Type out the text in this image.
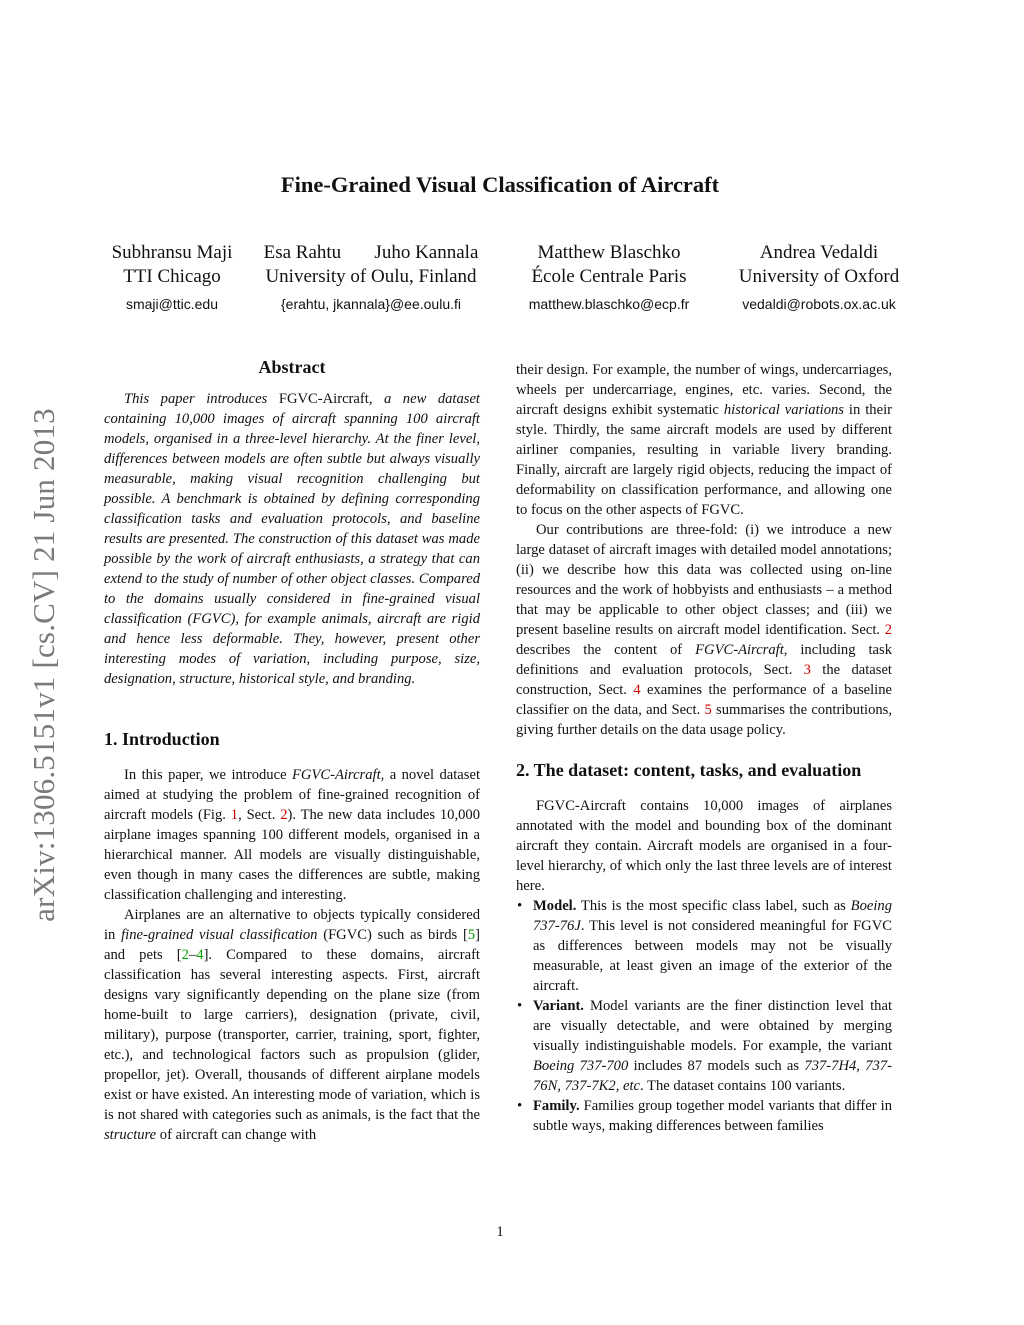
arXiv:1306.5151v1 [cs.CV] 21 Jun 2013
Fine-Grained Visual Classification of Aircraft
Subhransu Maji
TTI Chicago
smaji@ttic.edu
Esa Rahtu       Juho Kannala
University of Oulu, Finland
{erahtu, jkannala}@ee.oulu.fi
Matthew Blaschko
École Centrale Paris
matthew.blaschko@ecp.fr
Andrea Vedaldi
University of Oxford
vedaldi@robots.ox.ac.uk
Abstract

This paper introduces FGVC-Aircraft, a new dataset containing 10,000 images of aircraft spanning 100 aircraft models, organised in a three-level hierarchy. At the finer level, differences between models are often subtle but always visually measurable, making visual recognition challenging but possible. A benchmark is obtained by defining corresponding classification tasks and evaluation protocols, and baseline results are presented. The construction of this dataset was made possible by the work of aircraft enthusiasts, a strategy that can extend to the study of number of other object classes. Compared to the domains usually considered in fine-grained visual classification (FGVC), for example animals, aircraft are rigid and hence less deformable. They, however, present other interesting modes of variation, including purpose, size, designation, structure, historical style, and branding.

1. Introduction

In this paper, we introduce FGVC-Aircraft, a novel dataset aimed at studying the problem of fine-grained recognition of aircraft models (Fig. 1, Sect. 2). The new data includes 10,000 airplane images spanning 100 different models, organised in a hierarchical manner. All models are visually distinguishable, even though in many cases the differences are subtle, making classification challenging and interesting.

Airplanes are an alternative to objects typically considered in fine-grained visual classification (FGVC) such as birds [5] and pets [2–4]. Compared to these domains, aircraft classification has several interesting aspects. First, aircraft designs vary significantly depending on the plane size (from home-built to large carriers), designation (private, civil, military), purpose (transporter, carrier, training, sport, fighter, etc.), and technological factors such as propulsion (glider, propellor, jet). Overall, thousands of different airplane models exist or have existed. An interesting mode of variation, which is is not shared with categories such as animals, is the fact that the structure of aircraft can change with

their design. For example, the number of wings, undercarriages, wheels per undercarriage, engines, etc. varies. Second, the aircraft designs exhibit systematic historical variations in their style. Thirdly, the same aircraft models are used by different airliner companies, resulting in variable livery branding. Finally, aircraft are largely rigid objects, reducing the impact of deformability on classification performance, and allowing one to focus on the other aspects of FGVC.

Our contributions are three-fold: (i) we introduce a new large dataset of aircraft images with detailed model annotations; (ii) we describe how this data was collected using on-line resources and the work of hobbyists and enthusiasts – a method that may be applicable to other object classes; and (iii) we present baseline results on aircraft model identification. Sect. 2 describes the content of FGVC-Aircraft, including task definitions and evaluation protocols, Sect. 3 the dataset construction, Sect. 4 examines the performance of a baseline classifier on the data, and Sect. 5 summarises the contributions, giving further details on the data usage policy.

2. The dataset: content, tasks, and evaluation

FGVC-Aircraft contains 10,000 images of airplanes annotated with the model and bounding box of the dominant aircraft they contain. Aircraft models are organised in a four-level hierarchy, of which only the last three levels are of interest here.

• Model. This is the most specific class label, such as Boeing 737-76J. This level is not considered meaningful for FGVC as differences between models may not be visually measurable, at least given an image of the exterior of the aircraft.
• Variant. Model variants are the finer distinction level that are visually detectable, and were obtained by merging visually indistinguishable models. For example, the variant Boeing 737-700 includes 87 models such as 737-7H4, 737-76N, 737-7K2, etc. The dataset contains 100 variants.
• Family. Families group together model variants that differ in subtle ways, making differences between families
1
